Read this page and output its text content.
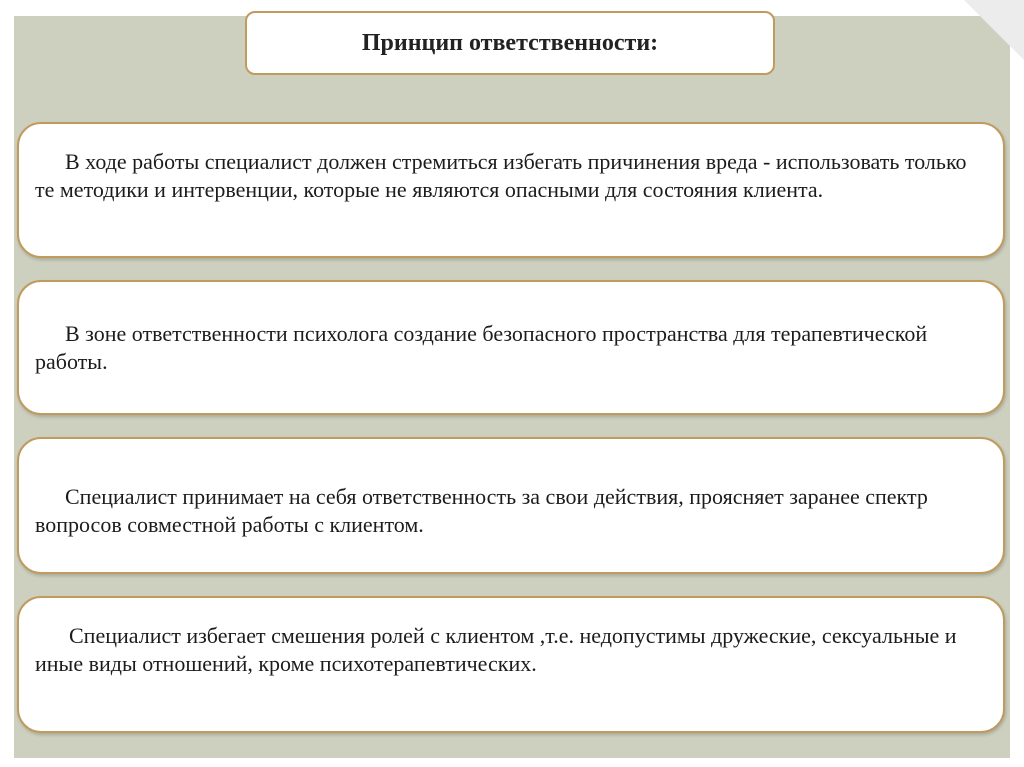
Принцип ответственности:

В ходе работы специалист должен стремиться избегать причинения вреда - использовать только те методики и интервенции, которые не являются опасными для состояния клиента.

В зоне ответственности психолога создание безопасного пространства для терапевтической работы.

Специалист принимает на себя ответственность за свои действия, проясняет заранее спектр вопросов совместной работы с клиентом.

Специалист избегает смешения ролей с клиентом ,т.е. недопустимы дружеские, сексуальные и иные виды отношений, кроме психотерапевтических.
